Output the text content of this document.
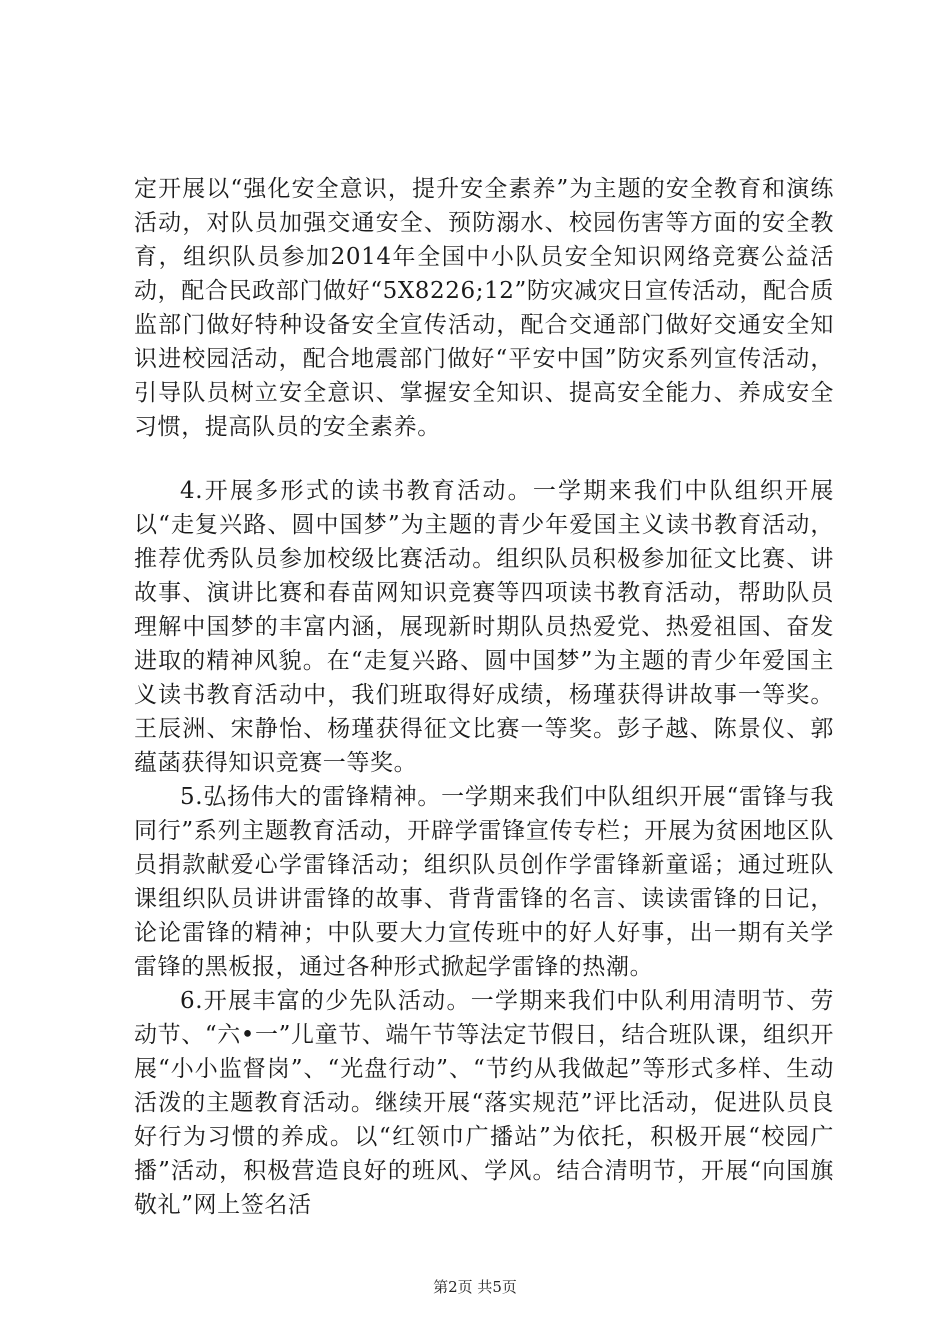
定开展以“强化安全意识，提升安全素养”为主题的安全教育和演练活动，对队员加强交通安全、预防溺水、校园伤害等方面的安全教育，组织队员参加2014年全国中小队员安全知识网络竞赛公益活动，配合民政部门做好“5X8226;12”防灾减灾日宣传活动，配合质监部门做好特种设备安全宣传活动，配合交通部门做好交通安全知识进校园活动，配合地震部门做好“平安中国”防灾系列宣传活动，引导队员树立安全意识、掌握安全知识、提高安全能力、养成安全习惯，提高队员的安全素养。

4.开展多形式的读书教育活动。一学期来我们中队组织开展以“走复兴路、圆中国梦”为主题的青少年爱国主义读书教育活动，推荐优秀队员参加校级比赛活动。组织队员积极参加征文比赛、讲故事、演讲比赛和春苗网知识竞赛等四项读书教育活动，帮助队员理解中国梦的丰富内涵，展现新时期队员热爱党、热爱祖国、奋发进取的精神风貌。在“走复兴路、圆中国梦”为主题的青少年爱国主义读书教育活动中，我们班取得好成绩，杨瑾获得讲故事一等奖。王辰洲、宋静怡、杨瑾获得征文比赛一等奖。彭子越、陈景仪、郭蕴菡获得知识竞赛一等奖。

5.弘扬伟大的雷锋精神。一学期来我们中队组织开展“雷锋与我同行”系列主题教育活动，开辟学雷锋宣传专栏；开展为贫困地区队员捐款献爱心学雷锋活动；组织队员创作学雷锋新童谣；通过班队课组织队员讲讲雷锋的故事、背背雷锋的名言、读读雷锋的日记，论论雷锋的精神；中队要大力宣传班中的好人好事，出一期有关学雷锋的黑板报，通过各种形式掀起学雷锋的热潮。

6.开展丰富的少先队活动。一学期来我们中队利用清明节、劳动节、“六•一”儿童节、端午节等法定节假日，结合班队课，组织开展“小小监督岗”、“光盘行动”、“节约从我做起”等形式多样、生动活泼的主题教育活动。继续开展“落实规范”评比活动，促进队员良好行为习惯的养成。以“红领巾广播站”为依托，积极开展“校园广播”活动，积极营造良好的班风、学风。结合清明节，开展“向国旗敬礼”网上签名活

第2页 共5页
